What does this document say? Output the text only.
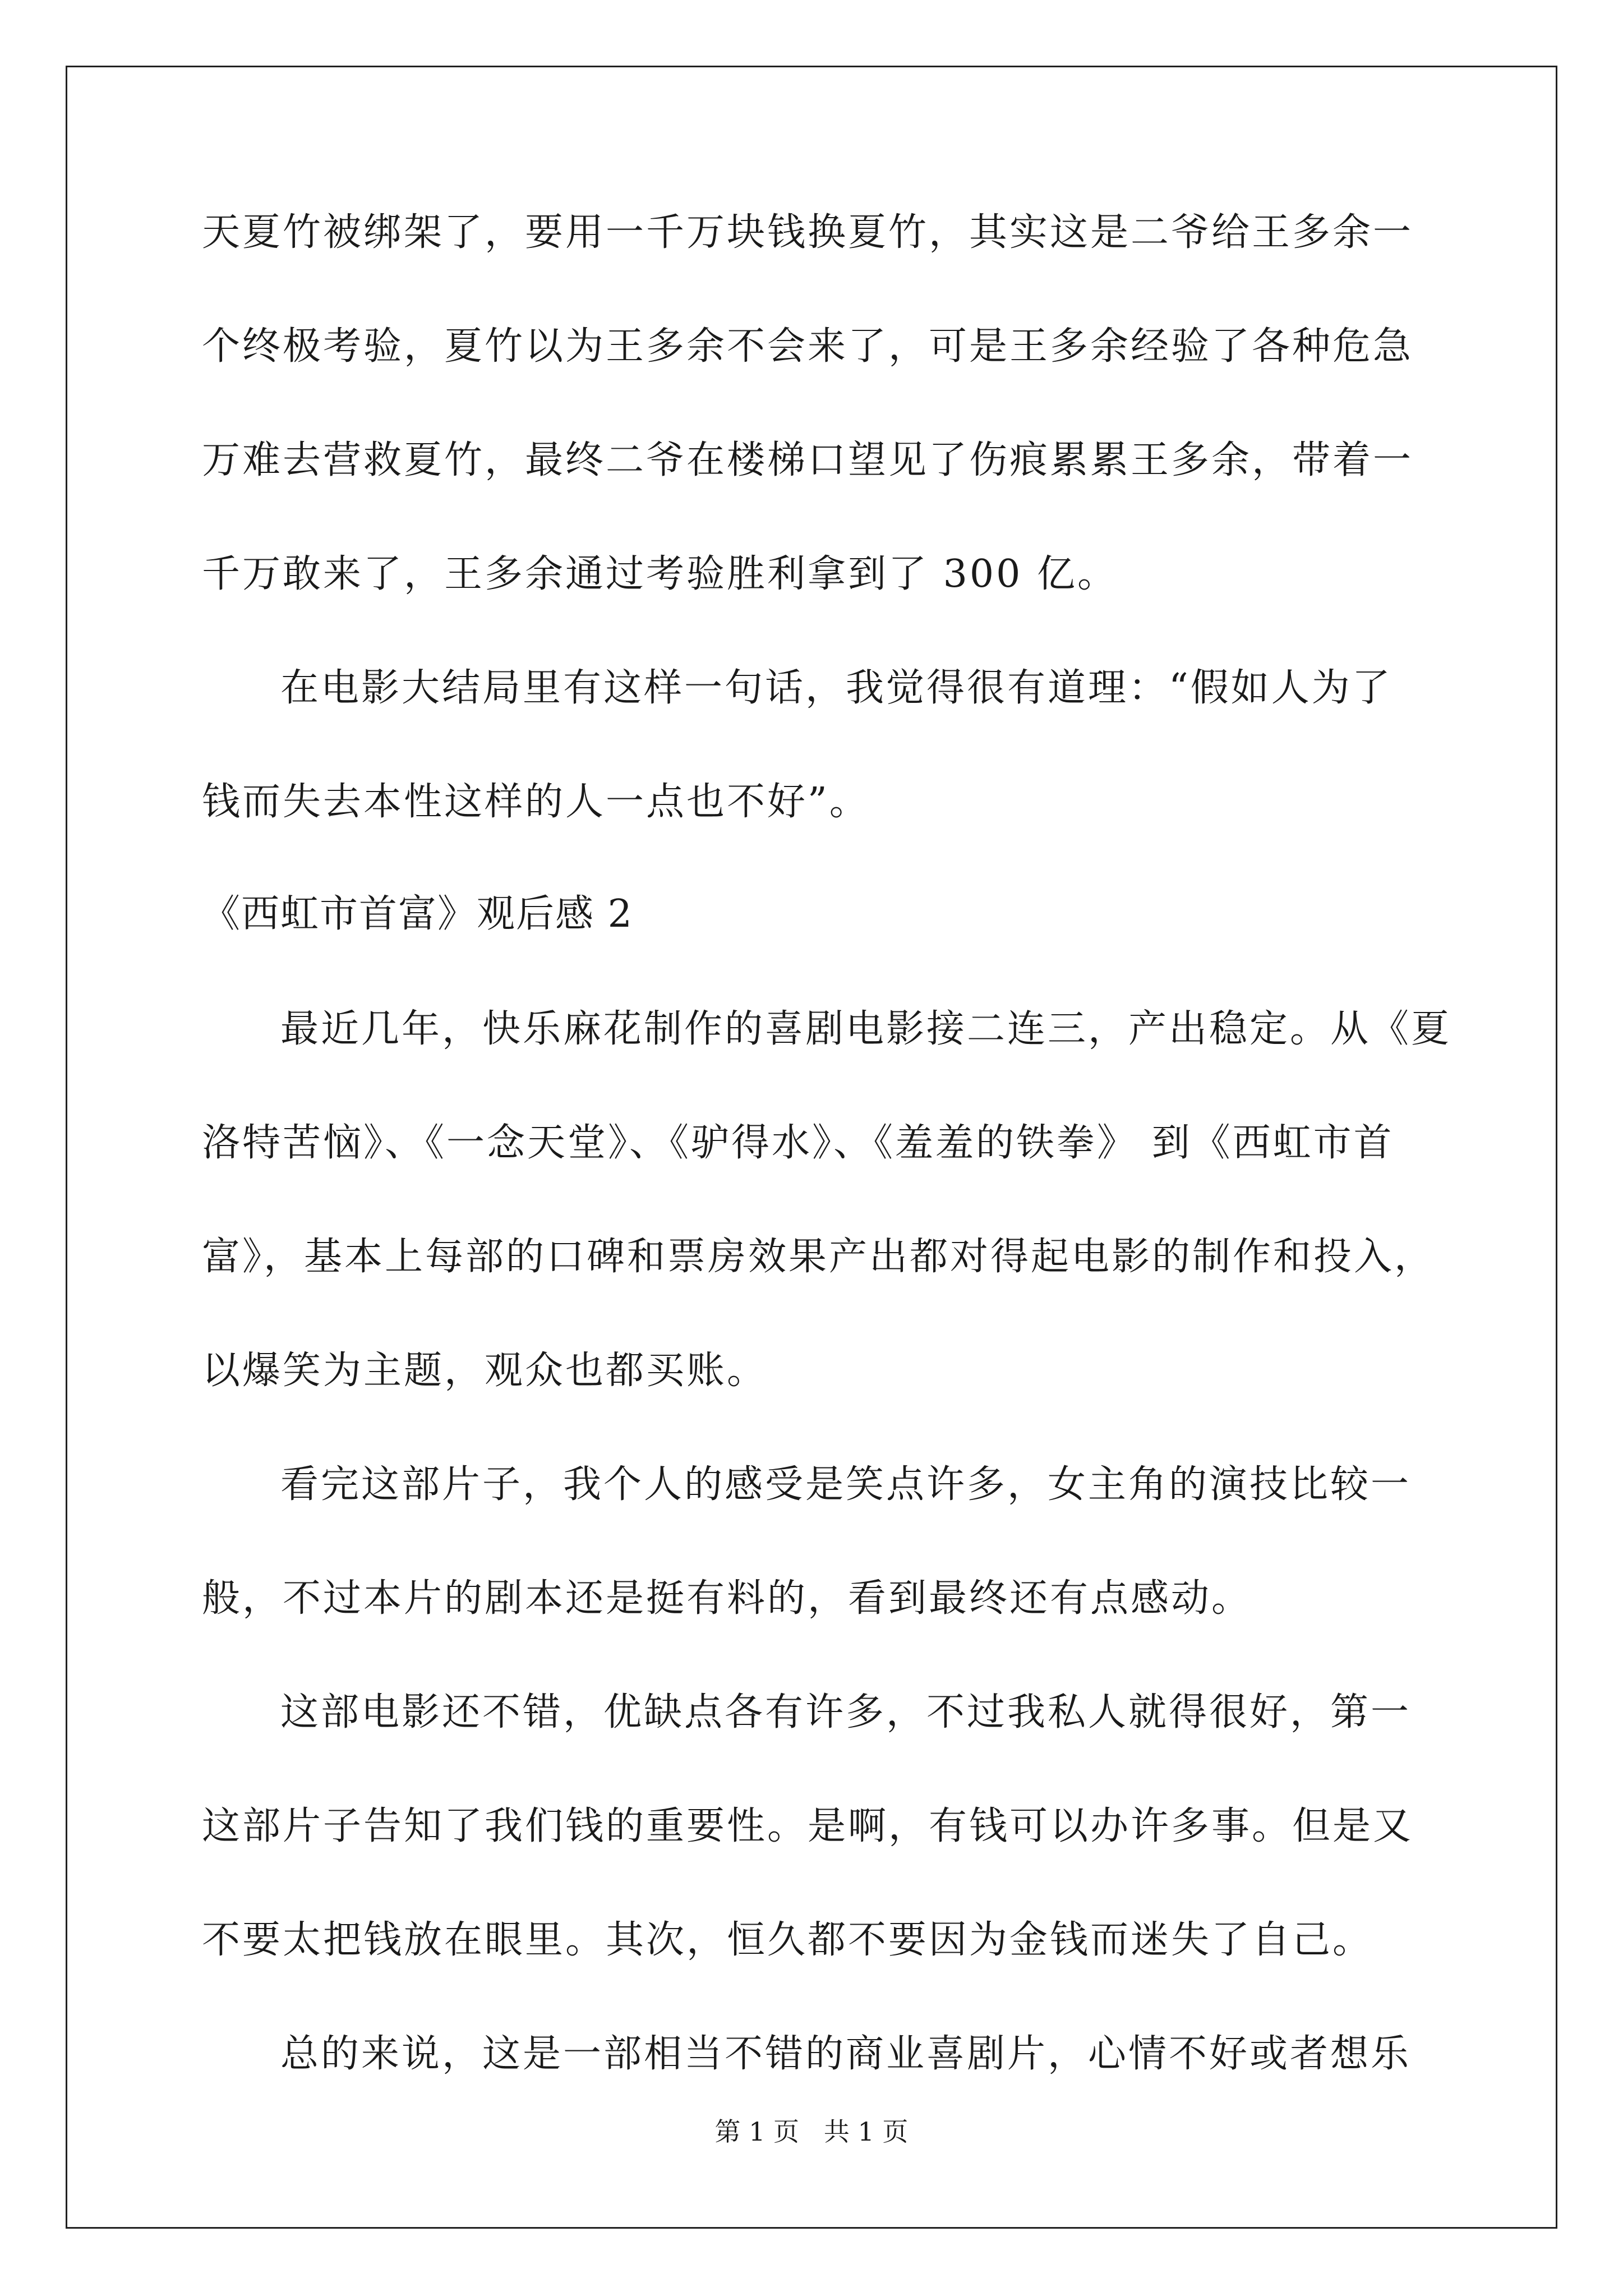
天夏竹被绑架了，要用一千万块钱换夏竹，其实这是二爷给王多余一
个终极考验，夏竹以为王多余不会来了，可是王多余经验了各种危急
万难去营救夏竹，最终二爷在楼梯口望见了伤痕累累王多余，带着一
千万敢来了，王多余通过考验胜利拿到了 300 亿。
在电影大结局里有这样一句话，我觉得很有道理：“假如人为了
钱而失去本性这样的人一点也不好”。
《西虹市首富》观后感 2
最近几年，快乐麻花制作的喜剧电影接二连三，产出稳定。从《夏
洛特苦恼》、《一念天堂》、《驴得水》、《羞羞的铁拳》 到《西虹市首
富》，基本上每部的口碑和票房效果产出都对得起电影的制作和投入，
以爆笑为主题，观众也都买账。
看完这部片子，我个人的感受是笑点许多，女主角的演技比较一
般，不过本片的剧本还是挺有料的，看到最终还有点感动。
这部电影还不错，优缺点各有许多，不过我私人就得很好，第一
这部片子告知了我们钱的重要性。是啊，有钱可以办许多事。但是又
不要太把钱放在眼里。其次，恒久都不要因为金钱而迷失了自己。
总的来说，这是一部相当不错的商业喜剧片，心情不好或者想乐
第 1 页   共 1 页
